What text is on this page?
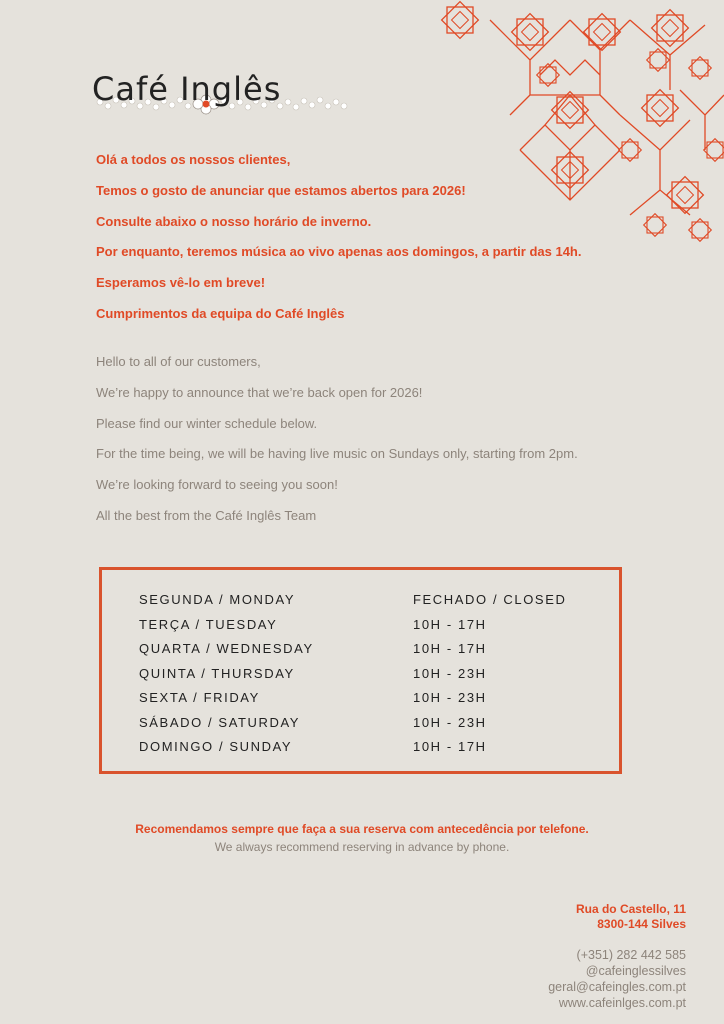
Café Inglês

Olá a todos os nossos clientes,

Temos o gosto de anunciar que estamos abertos para 2026!

Consulte abaixo o nosso horário de inverno.

Por enquanto, teremos música ao vivo apenas aos domingos, a partir das 14h.

Esperamos vê-lo em breve!

Cumprimentos da equipa do Café Inglês

Hello to all of our customers,

We’re happy to announce that we’re back open for 2026!

Please find our winter schedule below.

For the time being, we will be having live music on Sundays only, starting from 2pm.

We’re looking forward to seeing you soon!

All the best from the Café Inglês Team

SEGUNDA / MONDAY	FECHADO / CLOSED
TERÇA / TUESDAY	10H - 17H
QUARTA / WEDNESDAY	10H - 17H
QUINTA / THURSDAY	10H - 23H
SEXTA / FRIDAY	10H - 23H
SÁBADO / SATURDAY	10H - 23H
DOMINGO / SUNDAY	10H - 17H

Recomendamos sempre que faça a sua reserva com antecedência por telefone.

We always recommend reserving in advance by phone.

Rua do Castello, 11

8300-144 Silves

(+351) 282 442 585

@cafeinglessilves

geral@cafeingles.com.pt

www.cafeinlges.com.pt
